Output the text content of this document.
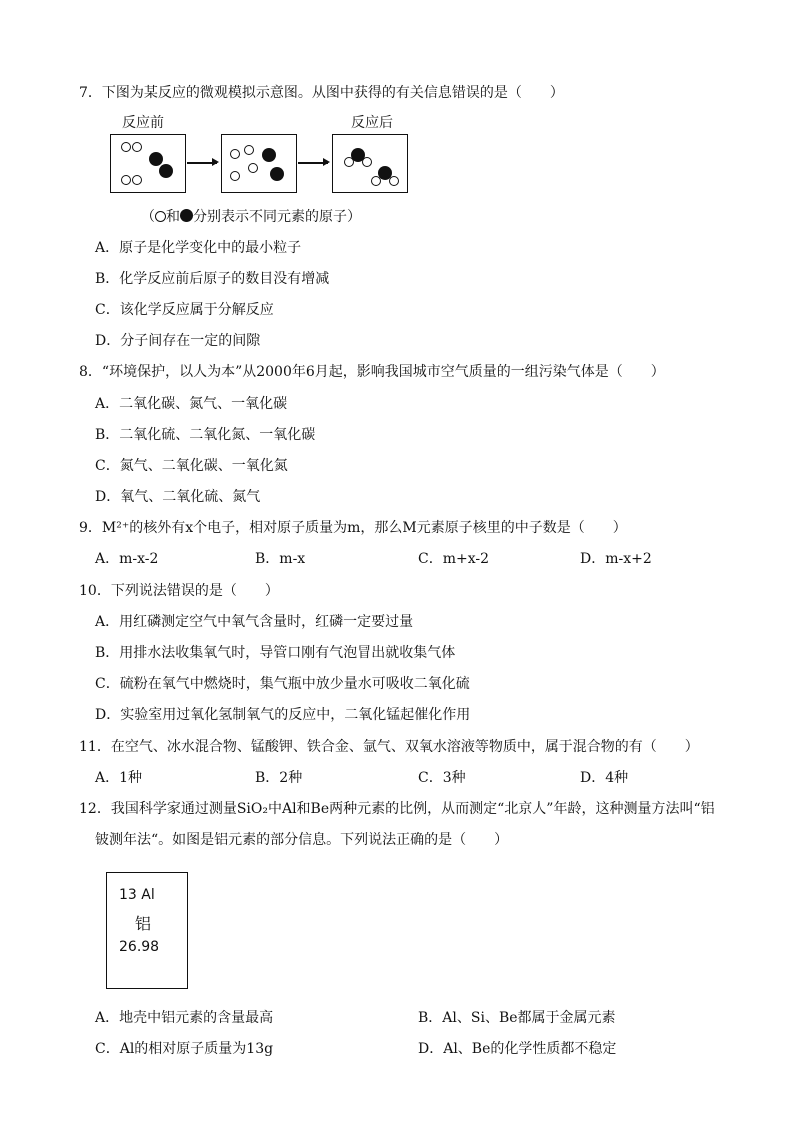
7．下图为某反应的微观模拟示意图。从图中获得的有关信息错误的是（　　）
反应前	反应后
（ 和 分别表示不同元素的原子）
A．原子是化学变化中的最小粒子
B．化学反应前后原子的数目没有增减
C．该化学反应属于分解反应
D．分子间存在一定的间隙
8．“环境保护，以人为本”从2000年6月起，影响我国城市空气质量的一组污染气体是（　　）
A．二氧化碳、氮气、一氧化碳
B．二氧化硫、二氧化氮、一氧化碳
C．氮气、二氧化碳、一氧化氮
D．氧气、二氧化硫、氮气
9．M²⁺的核外有x个电子，相对原子质量为m，那么M元素原子核里的中子数是（　　）
A．m-x-2	B．m-x	C．m+x-2	D．m-x+2
10．下列说法错误的是（　　）
A．用红磷测定空气中氧气含量时，红磷一定要过量
B．用排水法收集氧气时，导管口刚有气泡冒出就收集气体
C．硫粉在氧气中燃烧时，集气瓶中放少量水可吸收二氧化硫
D．实验室用过氧化氢制氧气的反应中，二氧化锰起催化作用
11．在空气、冰水混合物、锰酸钾、铁合金、氩气、双氧水溶液等物质中，属于混合物的有（　　）
A．1种	B．2种	C．3种	D．4种
12．我国科学家通过测量SiO₂中Al和Be两种元素的比例，从而测定“北京人”年龄，这种测量方法叫“铝
铍测年法“。如图是铝元素的部分信息。下列说法正确的是（　　）
13 Al
铝
26.98
A．地壳中铝元素的含量最高	B．Al、Si、Be都属于金属元素
C．Al的相对原子质量为13g	D．Al、Be的化学性质都不稳定
